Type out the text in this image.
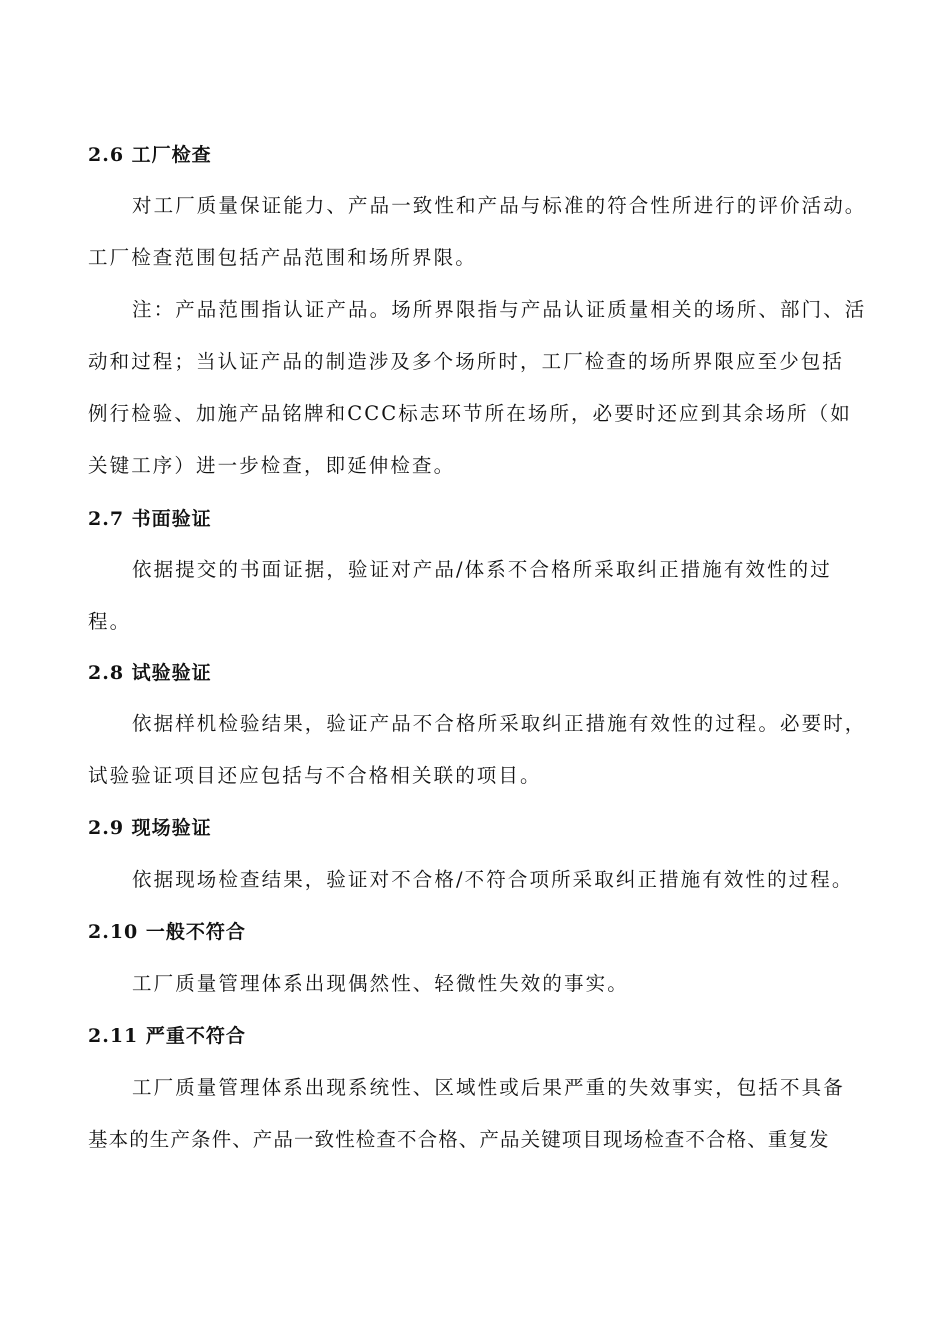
2.6 工厂检查
对工厂质量保证能力、产品一致性和产品与标准的符合性所进行的评价活动。
工厂检查范围包括产品范围和场所界限。
注：产品范围指认证产品。场所界限指与产品认证质量相关的场所、部门、活
动和过程；当认证产品的制造涉及多个场所时，工厂检查的场所界限应至少包括
例行检验、加施产品铭牌和CCC标志环节所在场所，必要时还应到其余场所（如
关键工序）进一步检查，即延伸检查。
2.7 书面验证
依据提交的书面证据，验证对产品/体系不合格所采取纠正措施有效性的过
程。
2.8 试验验证
依据样机检验结果，验证产品不合格所采取纠正措施有效性的过程。必要时，
试验验证项目还应包括与不合格相关联的项目。
2.9 现场验证
依据现场检查结果，验证对不合格/不符合项所采取纠正措施有效性的过程。
2.10 一般不符合
工厂质量管理体系出现偶然性、轻微性失效的事实。
2.11 严重不符合
工厂质量管理体系出现系统性、区域性或后果严重的失效事实，包括不具备
基本的生产条件、产品一致性检查不合格、产品关键项目现场检查不合格、重复发
